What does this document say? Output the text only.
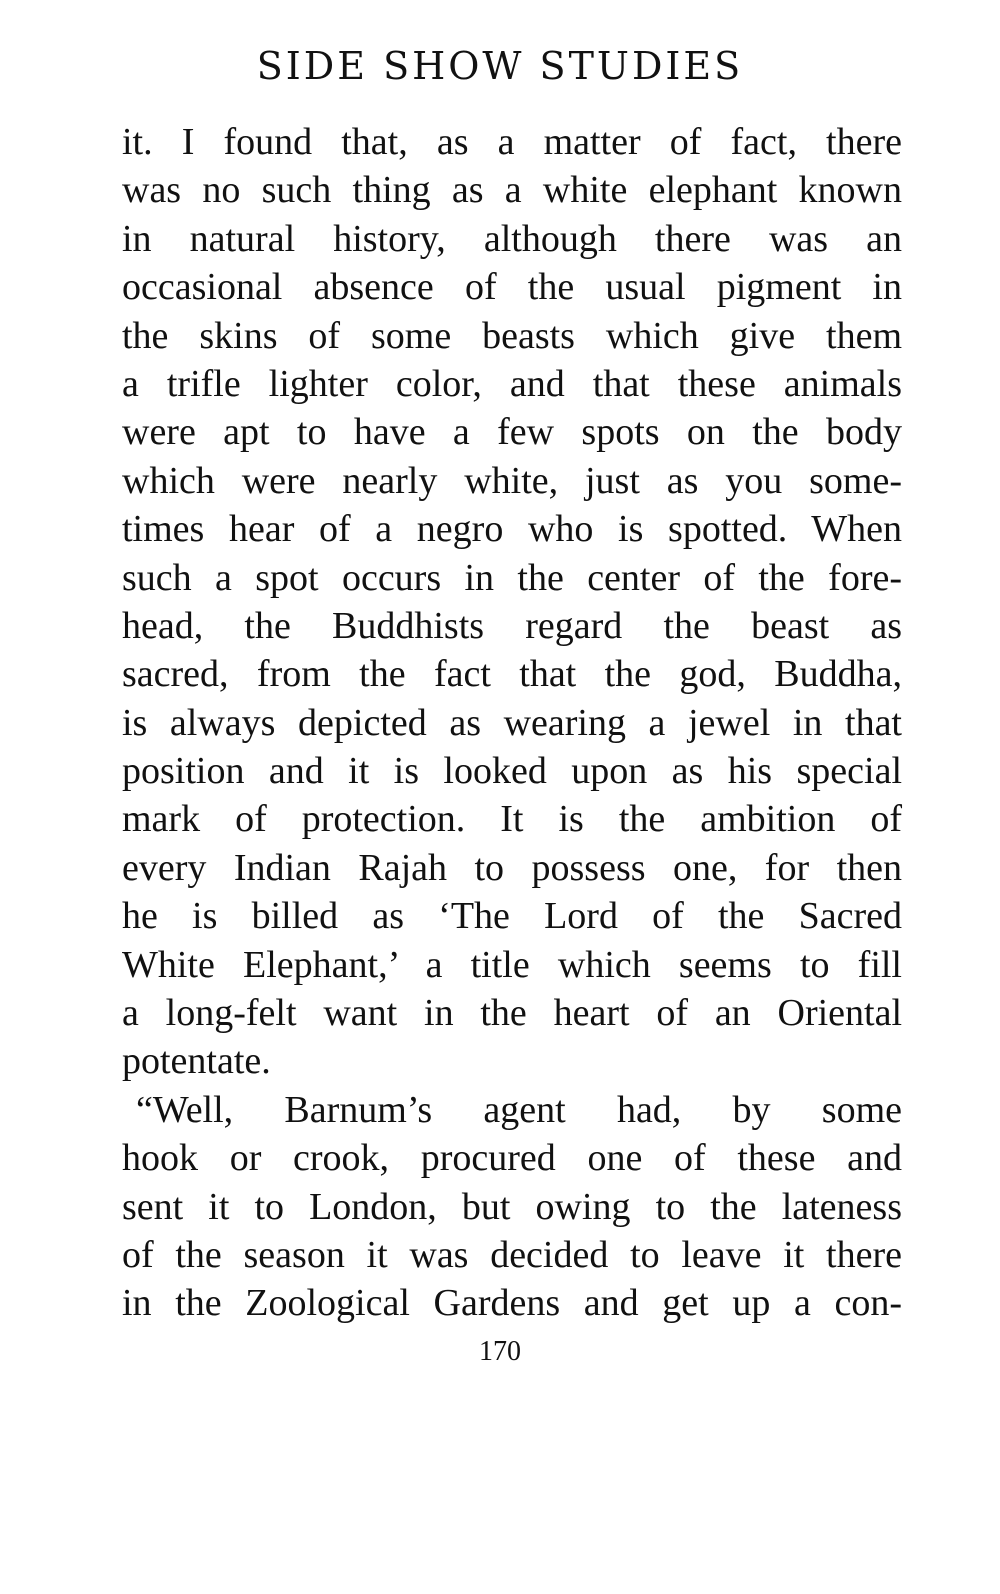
SIDE SHOW STUDIES
it. I found that, as a matter of fact, there
was no such thing as a white elephant known
in natural history, although there was an
occasional absence of the usual pigment in
the skins of some beasts which give them
a trifle lighter color, and that these animals
were apt to have a few spots on the body
which were nearly white, just as you some-
times hear of a negro who is spotted. When
such a spot occurs in the center of the fore-
head, the Buddhists regard the beast as
sacred, from the fact that the god, Buddha,
is always depicted as wearing a jewel in that
position and it is looked upon as his special
mark of protection. It is the ambition of
every Indian Rajah to possess one, for then
he is billed as ‘The Lord of the Sacred
White Elephant,’ a title which seems to fill
a long-felt want in the heart of an Oriental
potentate.
“Well, Barnum’s agent had, by some
hook or crook, procured one of these and
sent it to London, but owing to the lateness
of the season it was decided to leave it there
in the Zoological Gardens and get up a con-
170
